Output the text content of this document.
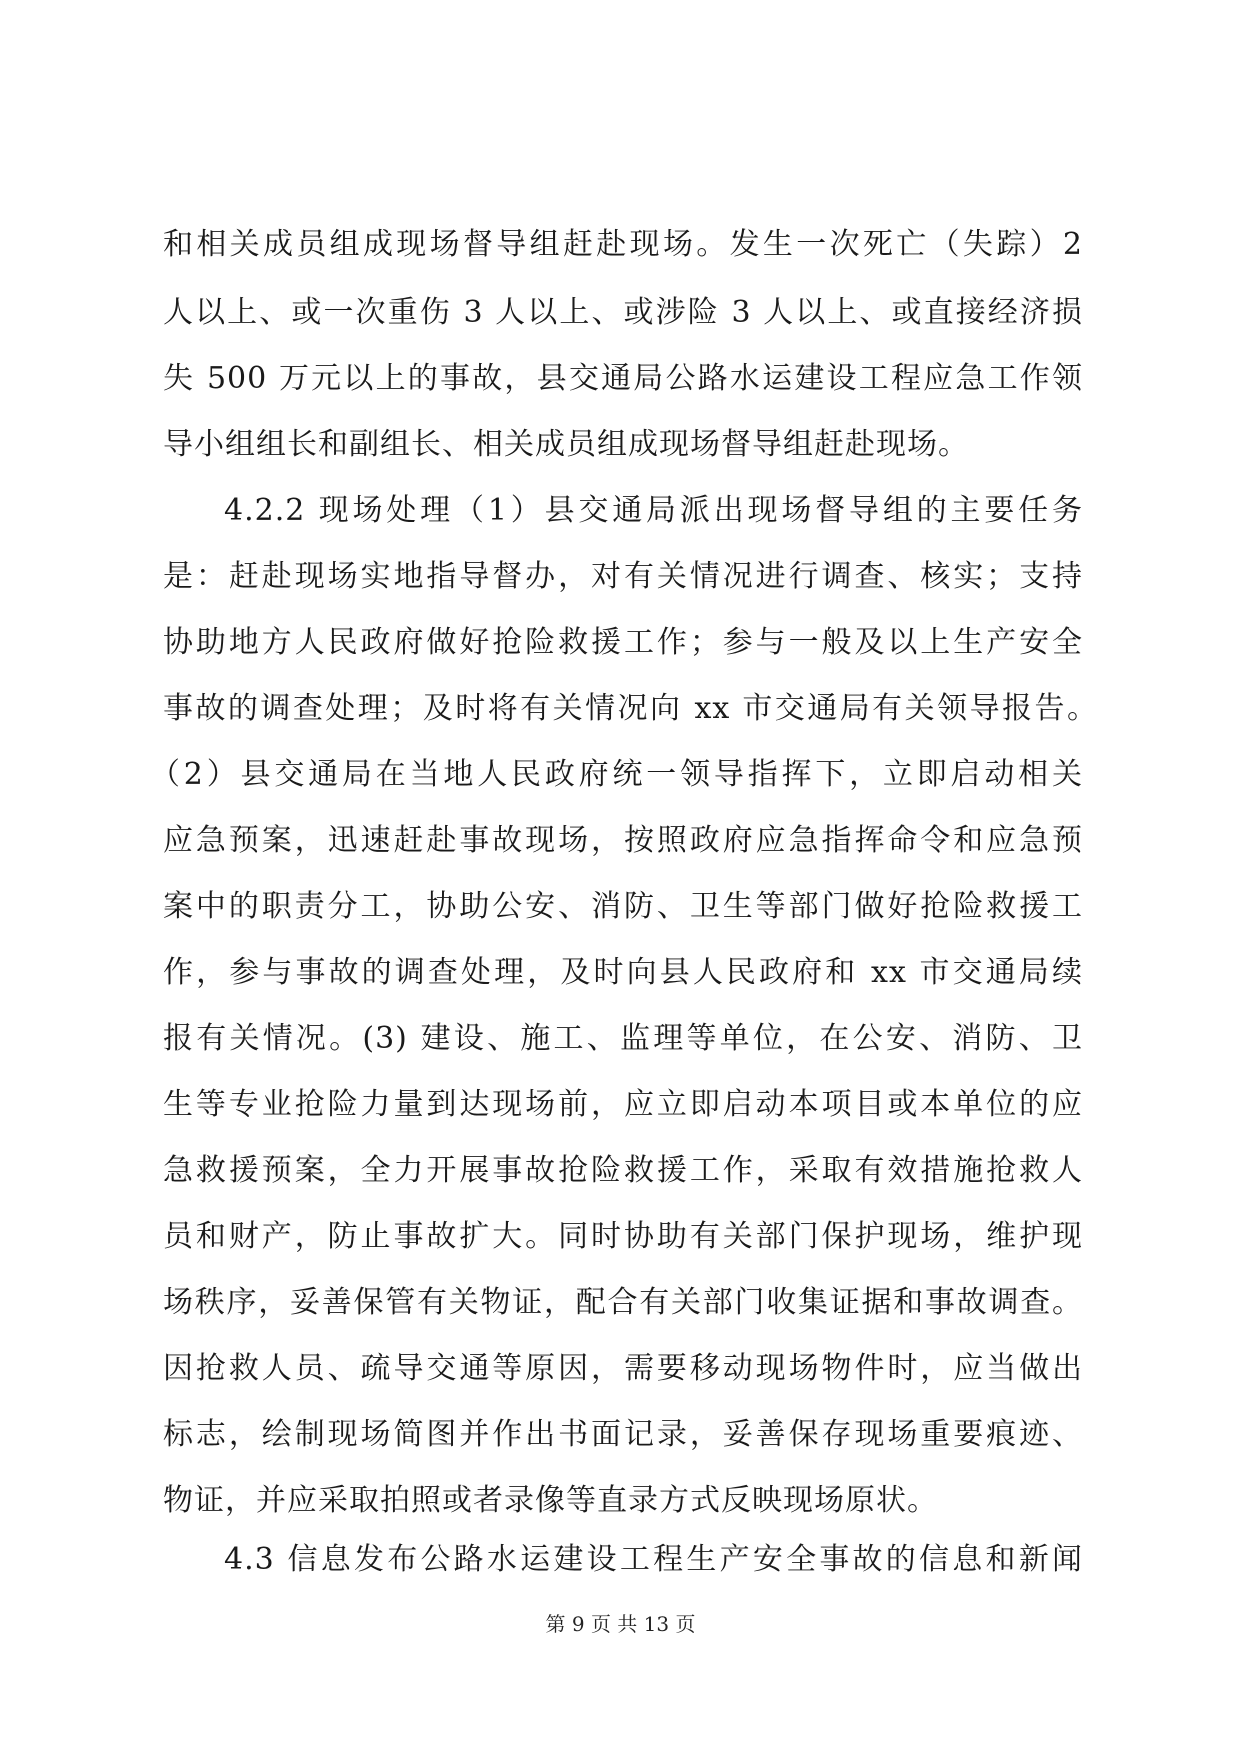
和相关成员组成现场督导组赶赴现场。发生一次死亡（失踪）2
人以上、或一次重伤 3 人以上、或涉险 3 人以上、或直接经济损
失 500 万元以上的事故，县交通局公路水运建设工程应急工作领
导小组组长和副组长、相关成员组成现场督导组赶赴现场。
4.2.2 现场处理（1）县交通局派出现场督导组的主要任务
是：赶赴现场实地指导督办，对有关情况进行调查、核实；支持
协助地方人民政府做好抢险救援工作；参与一般及以上生产安全
事故的调查处理；及时将有关情况向 xx 市交通局有关领导报告。
（2）县交通局在当地人民政府统一领导指挥下，立即启动相关
应急预案，迅速赶赴事故现场，按照政府应急指挥命令和应急预
案中的职责分工，协助公安、消防、卫生等部门做好抢险救援工
作，参与事故的调查处理，及时向县人民政府和 xx 市交通局续
报有关情况。(3) 建设、施工、监理等单位，在公安、消防、卫
生等专业抢险力量到达现场前，应立即启动本项目或本单位的应
急救援预案，全力开展事故抢险救援工作，采取有效措施抢救人
员和财产，防止事故扩大。同时协助有关部门保护现场，维护现
场秩序，妥善保管有关物证，配合有关部门收集证据和事故调查。
因抢救人员、疏导交通等原因，需要移动现场物件时，应当做出
标志，绘制现场简图并作出书面记录，妥善保存现场重要痕迹、
物证，并应采取拍照或者录像等直录方式反映现场原状。
4.3 信息发布公路水运建设工程生产安全事故的信息和新闻
第 9 页 共 13 页
